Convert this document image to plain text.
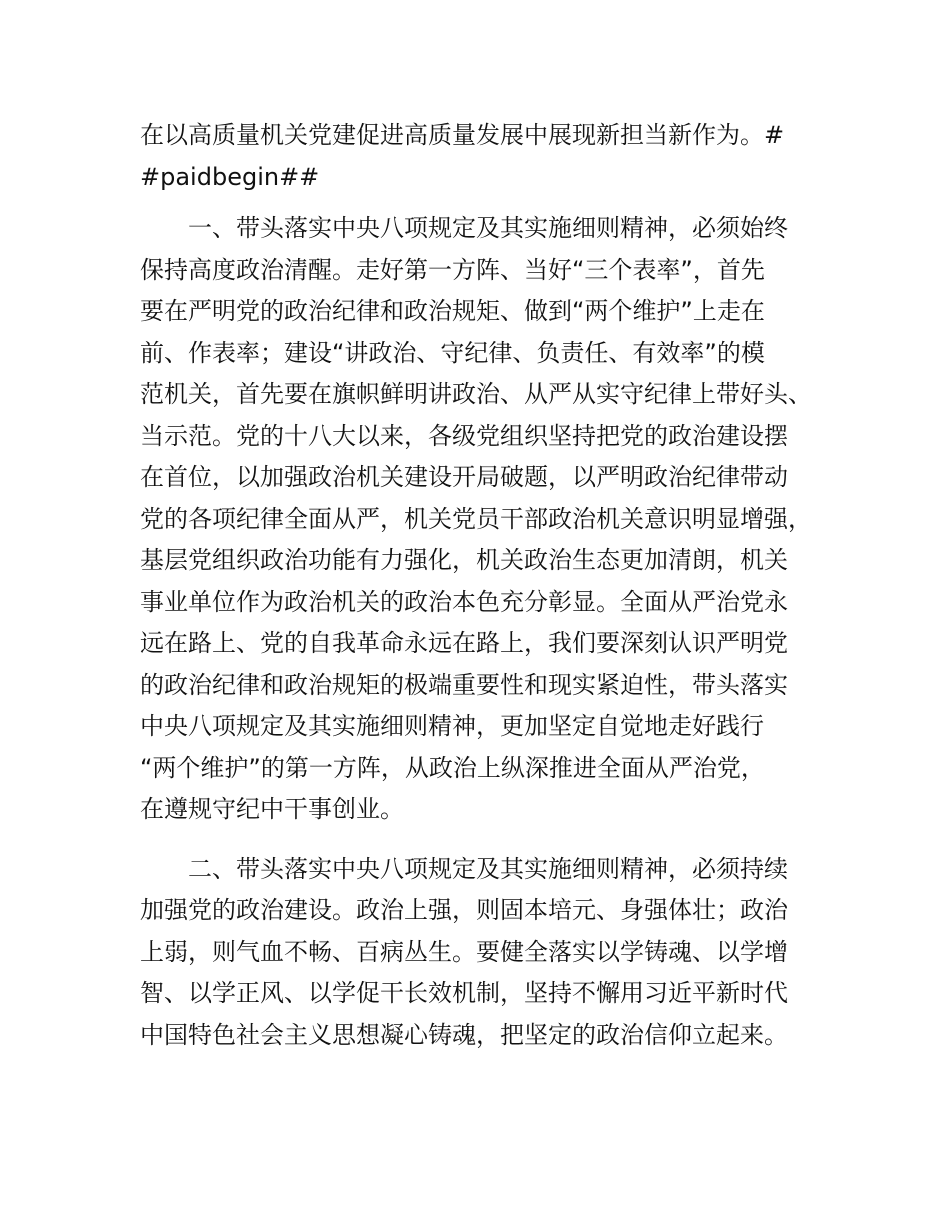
在以高质量机关党建促进高质量发展中展现新担当新作为。#
#paidbegin##
一、带头落实中央八项规定及其实施细则精神，必须始终
保持高度政治清醒。走好第一方阵、当好“三个表率”，首先
要在严明党的政治纪律和政治规矩、做到“两个维护”上走在
前、作表率；建设“讲政治、守纪律、负责任、有效率”的模
范机关，首先要在旗帜鲜明讲政治、从严从实守纪律上带好头、
当示范。党的十八大以来，各级党组织坚持把党的政治建设摆
在首位，以加强政治机关建设开局破题，以严明政治纪律带动
党的各项纪律全面从严，机关党员干部政治机关意识明显增强，
基层党组织政治功能有力强化，机关政治生态更加清朗，机关
事业单位作为政治机关的政治本色充分彰显。全面从严治党永
远在路上、党的自我革命永远在路上，我们要深刻认识严明党
的政治纪律和政治规矩的极端重要性和现实紧迫性，带头落实
中央八项规定及其实施细则精神，更加坚定自觉地走好践行
“两个维护”的第一方阵，从政治上纵深推进全面从严治党，
在遵规守纪中干事创业。
二、带头落实中央八项规定及其实施细则精神，必须持续
加强党的政治建设。政治上强，则固本培元、身强体壮；政治
上弱，则气血不畅、百病丛生。要健全落实以学铸魂、以学增
智、以学正风、以学促干长效机制，坚持不懈用习近平新时代
中国特色社会主义思想凝心铸魂，把坚定的政治信仰立起来。
